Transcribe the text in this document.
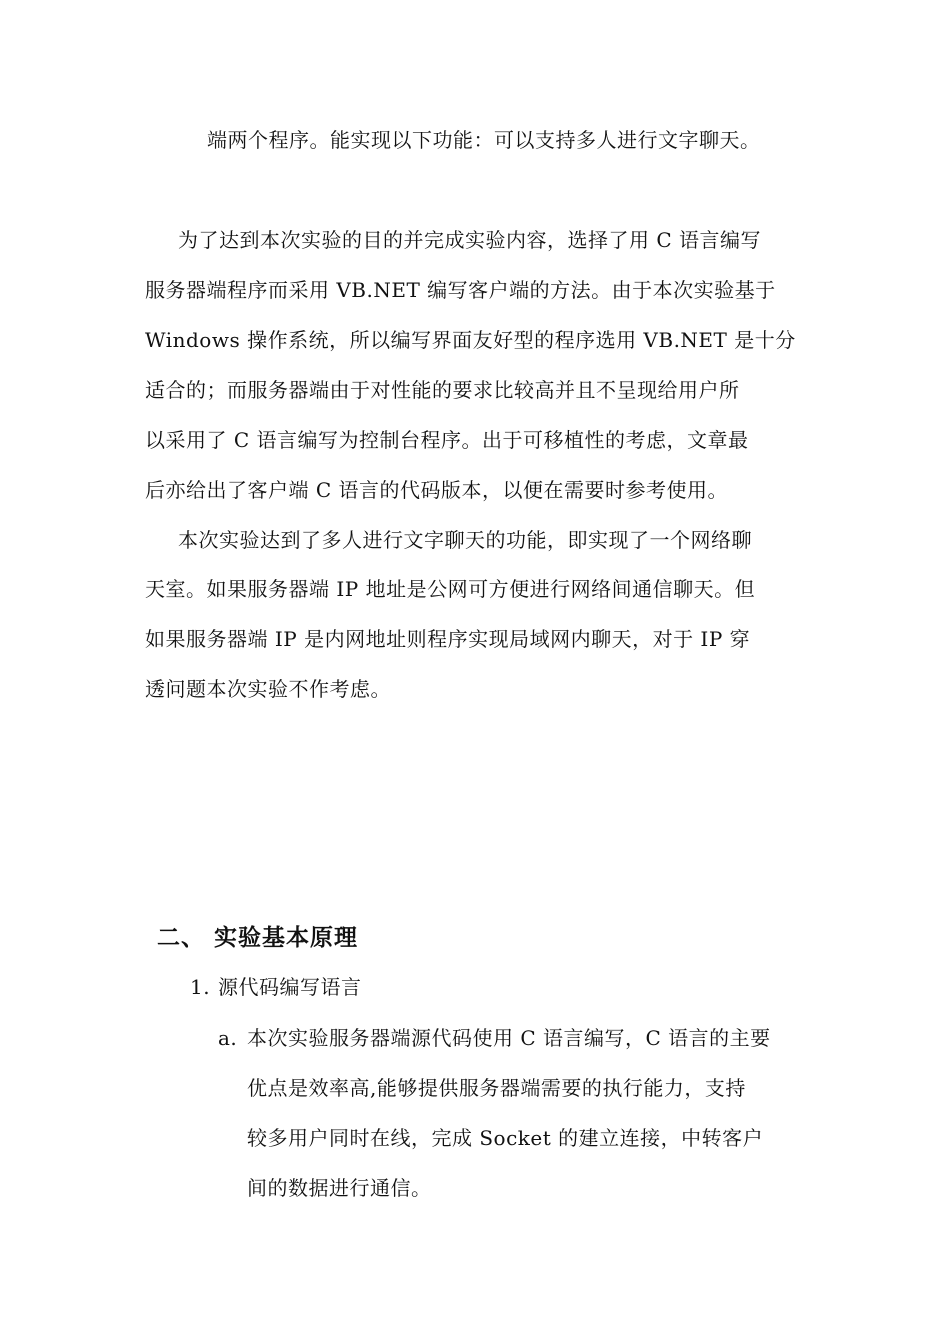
端两个程序。能实现以下功能：可以支持多人进行文字聊天。
为了达到本次实验的目的并完成实验内容，选择了用 C 语言编写
服务器端程序而采用 VB.NET 编写客户端的方法。由于本次实验基于
Windows 操作系统，所以编写界面友好型的程序选用 VB.NET 是十分
适合的；而服务器端由于对性能的要求比较高并且不呈现给用户所
以采用了 C 语言编写为控制台程序。出于可移植性的考虑，文章最
后亦给出了客户端 C 语言的代码版本，以便在需要时参考使用。
本次实验达到了多人进行文字聊天的功能，即实现了一个网络聊
天室。如果服务器端 IP 地址是公网可方便进行网络间通信聊天。但
如果服务器端 IP 是内网地址则程序实现局域网内聊天，对于 IP 穿
透问题本次实验不作考虑。
二、 实验基本原理
1. 源代码编写语言
a. 本次实验服务器端源代码使用 C 语言编写，C 语言的主要
优点是效率高,能够提供服务器端需要的执行能力，支持
较多用户同时在线，完成 Socket 的建立连接，中转客户
间的数据进行通信。
